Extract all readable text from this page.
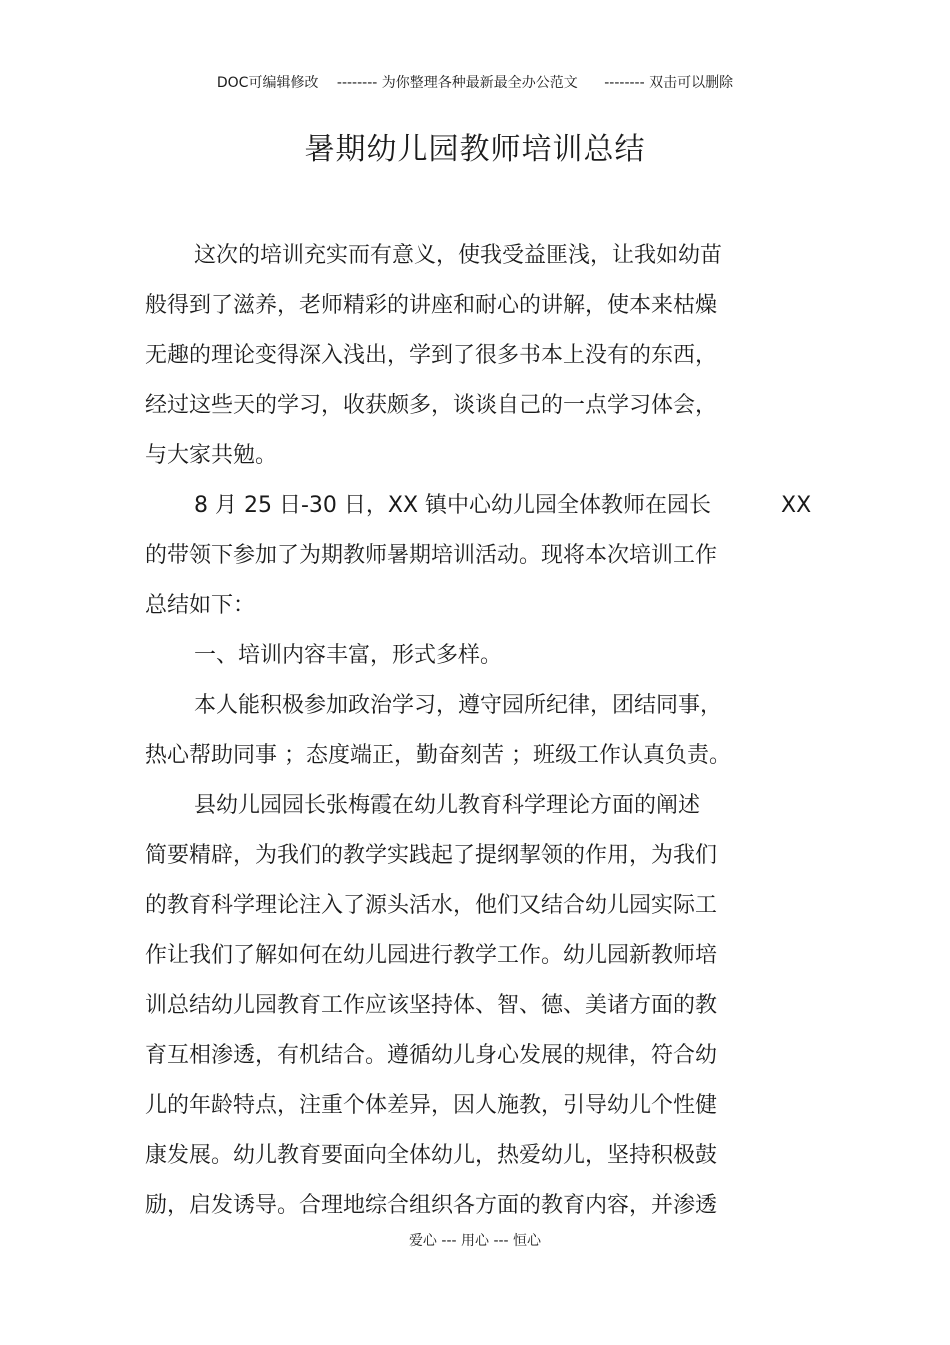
DOC可编辑修改 -------- 为你整理各种最新最全办公范文 -------- 双击可以删除
暑期幼儿园教师培训总结
这次的培训充实而有意义，使我受益匪浅，让我如幼苗
般得到了滋养，老师精彩的讲座和耐心的讲解，使本来枯燥
无趣的理论变得深入浅出，学到了很多书本上没有的东西，
经过这些天的学习，收获颇多，谈谈自己的一点学习体会，
与大家共勉。
8 月 25 日-30 日，XX 镇中心幼儿园全体教师在园长	XX
的带领下参加了为期教师暑期培训活动。现将本次培训工作
总结如下：
一、培训内容丰富，形式多样。
本人能积极参加政治学习，遵守园所纪律，团结同事，
热心帮助同事 ；态度端正，勤奋刻苦 ；班级工作认真负责。
县幼儿园园长张梅霞在幼儿教育科学理论方面的阐述
简要精辟，为我们的教学实践起了提纲挈领的作用，为我们
的教育科学理论注入了源头活水，他们又结合幼儿园实际工
作让我们了解如何在幼儿园进行教学工作。幼儿园新教师培
训总结幼儿园教育工作应该坚持体、智、德、美诸方面的教
育互相渗透，有机结合。遵循幼儿身心发展的规律，符合幼
儿的年龄特点，注重个体差异，因人施教，引导幼儿个性健
康发展。幼儿教育要面向全体幼儿，热爱幼儿，坚持积极鼓
励，启发诱导。合理地综合组织各方面的教育内容，并渗透
爱心 --- 用心 --- 恒心
